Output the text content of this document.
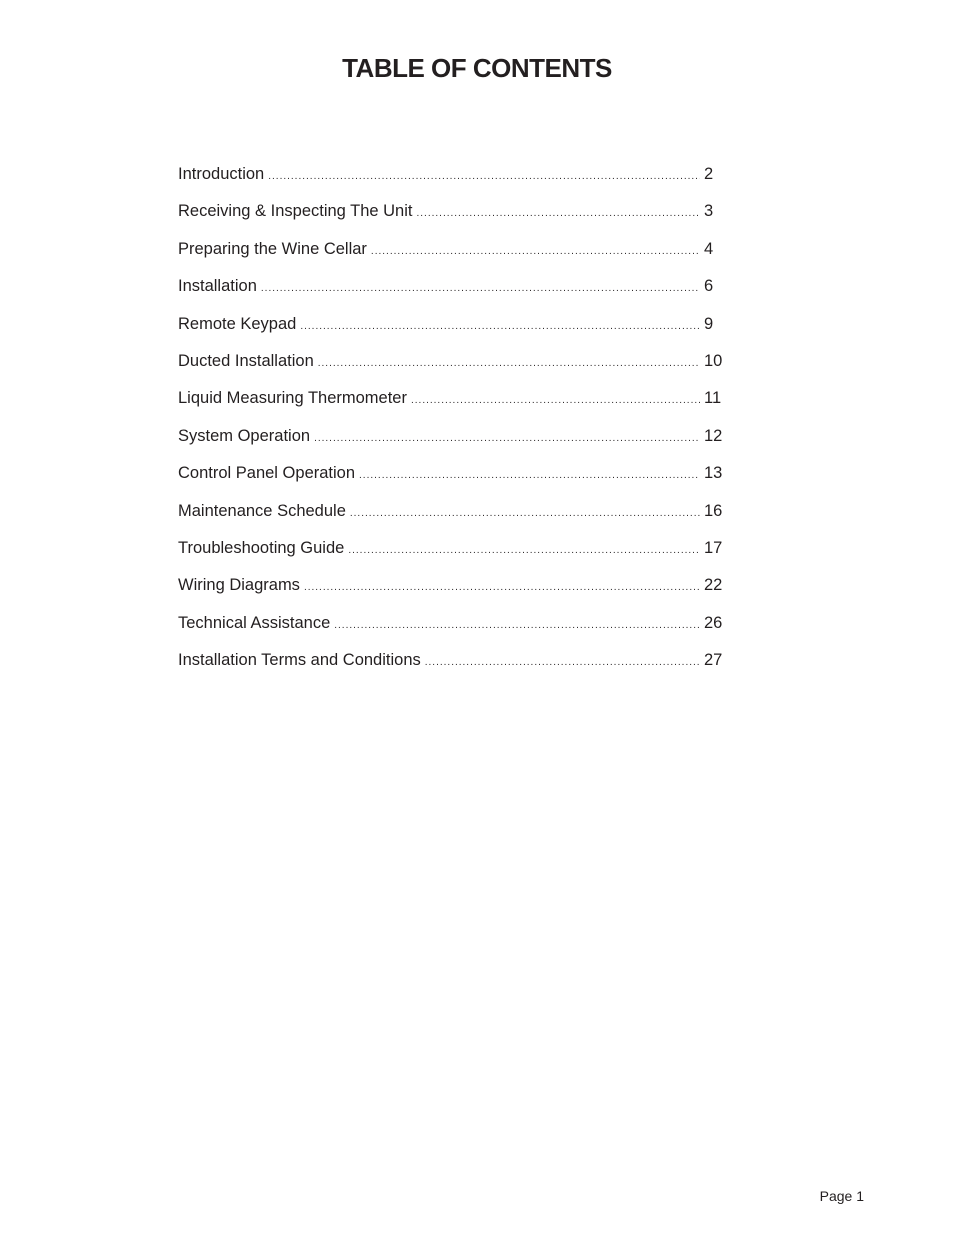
TABLE OF CONTENTS
Introduction .....	2
Receiving & Inspecting The Unit .....	3
Preparing the Wine Cellar .....	4
Installation .....	6
Remote Keypad .....	9
Ducted Installation .....	10
Liquid Measuring Thermometer .....	11
System Operation .....	12
Control Panel Operation .....	13
Maintenance Schedule .....	16
Troubleshooting Guide .....	17
Wiring Diagrams .....	22
Technical Assistance .....	26
Installation Terms and Conditions .....	27
Page 1
